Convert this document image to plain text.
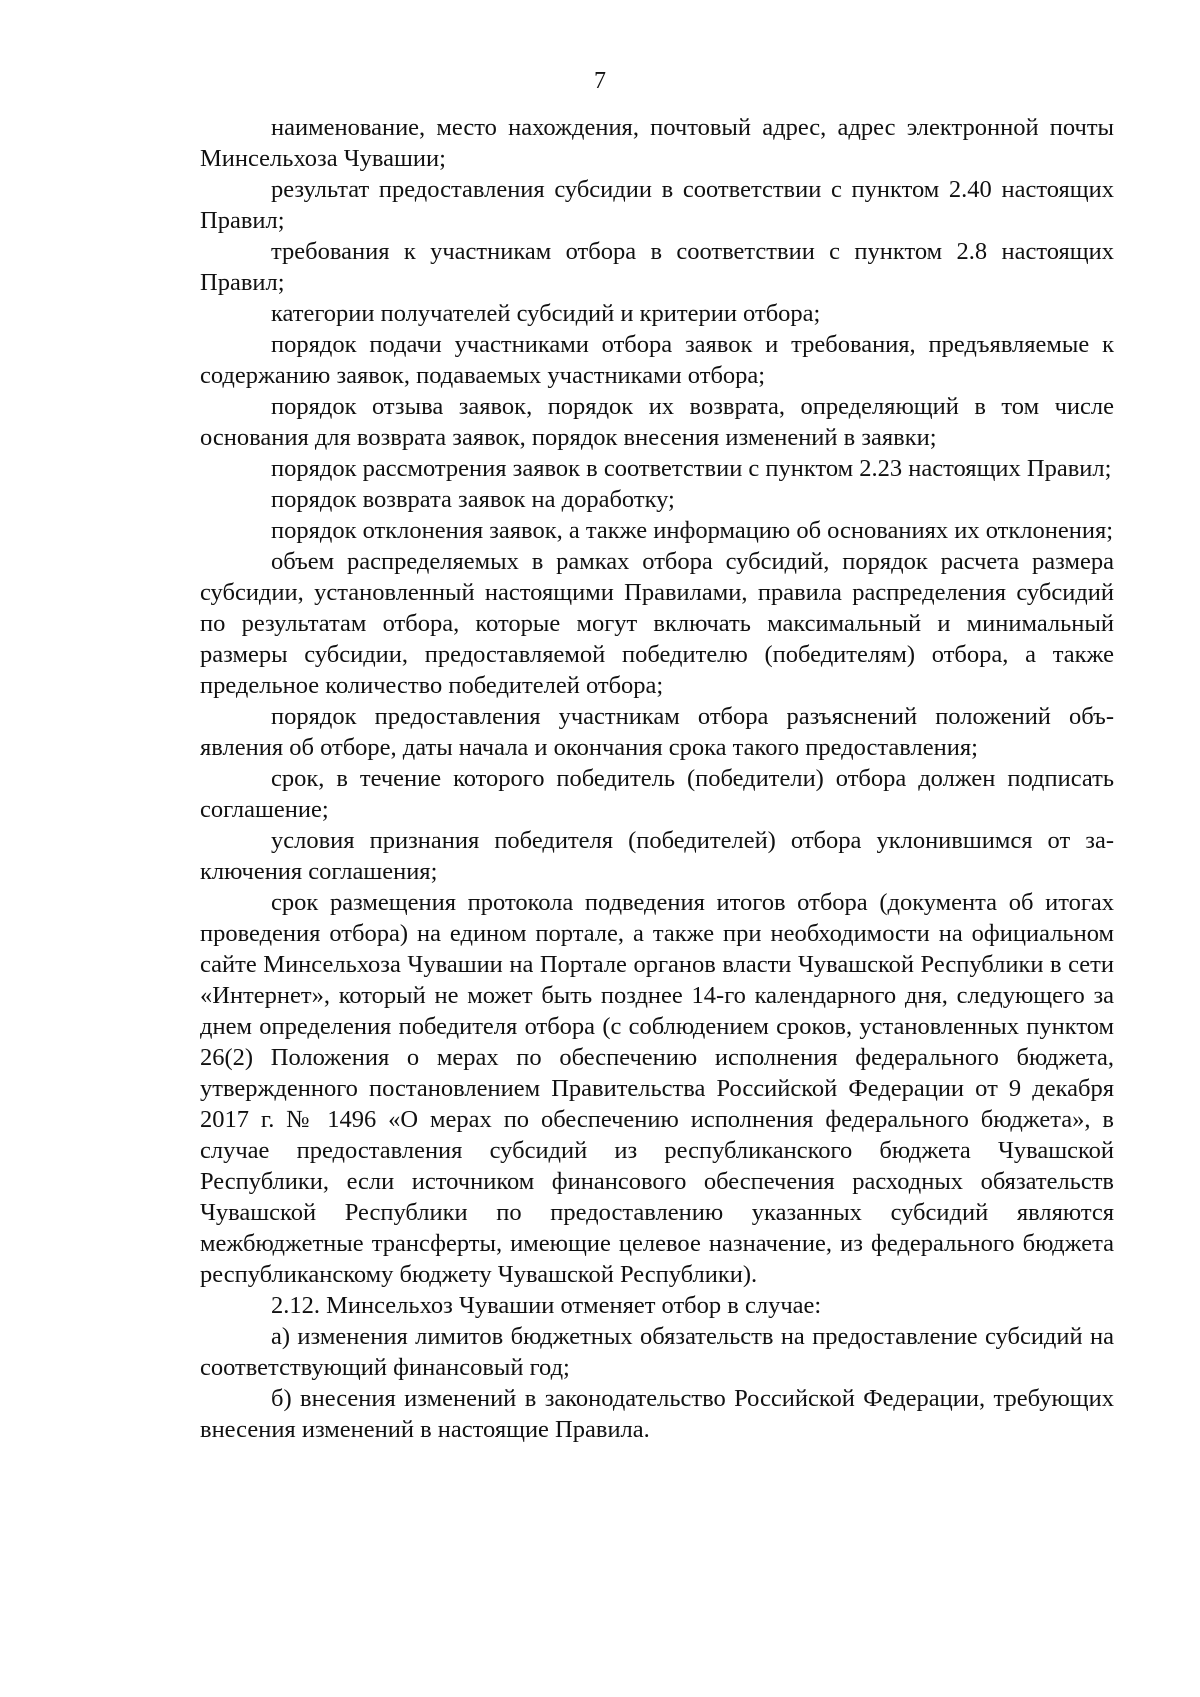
7

наименование, место нахождения, почтовый адрес, адрес электронной почты Минсельхоза Чувашии;

результат предоставления субсидии в соответствии с пунктом 2.40 настоящих Правил;

требования к участникам отбора в соответствии с пунктом 2.8 настоящих Правил;

категории получателей субсидий и критерии отбора;

порядок подачи участниками отбора заявок и требования, предъявляемые к содержанию заявок, подаваемых участниками отбора;

порядок отзыва заявок, порядок их возврата, определяющий в том числе основания для возврата заявок, порядок внесения изменений в заявки;

порядок рассмотрения заявок в соответствии с пунктом 2.23 настоящих Правил;

порядок возврата заявок на доработку;

порядок отклонения заявок, а также информацию об основаниях их отклонения;

объем распределяемых в рамках отбора субсидий, порядок расчета размера субсидии, установленный настоящими Правилами, правила распределения субсидий по результатам отбора, которые могут включать максимальный и минимальный размеры субсидии, предоставляемой победителю (победителям) отбора, а также предельное количество победителей отбора;

порядок предоставления участникам отбора разъяснений положений объявления об отборе, даты начала и окончания срока такого предоставления;

срок, в течение которого победитель (победители) отбора должен подписать соглашение;

условия признания победителя (победителей) отбора уклонившимся от заключения соглашения;

срок размещения протокола подведения итогов отбора (документа об итогах проведения отбора) на едином портале, а также при необходимости на официальном сайте Минсельхоза Чувашии на Портале органов власти Чувашской Республики в сети «Интернет», который не может быть позднее 14-го календарного дня, следующего за днем определения победителя отбора (с соблюдением сроков, установленных пунктом 26(2) Положения о мерах по обеспечению исполнения федерального бюджета, утвержденного постановлением Правительства Российской Федерации от 9 декабря 2017 г. № 1496 «О мерах по обеспечению исполнения федерального бюджета», в случае предоставления субсидий из республиканского бюджета Чувашской Республики, если источником финансового обеспечения расходных обязательств Чувашской Республики по предоставлению указанных субсидий являются межбюджетные трансферты, имеющие целевое назначение, из федерального бюджета республиканскому бюджету Чувашской Республики).

2.12. Минсельхоз Чувашии отменяет отбор в случае:

а) изменения лимитов бюджетных обязательств на предоставление субсидий на соответствующий финансовый год;

б) внесения изменений в законодательство Российской Федерации, требующих внесения изменений в настоящие Правила.
